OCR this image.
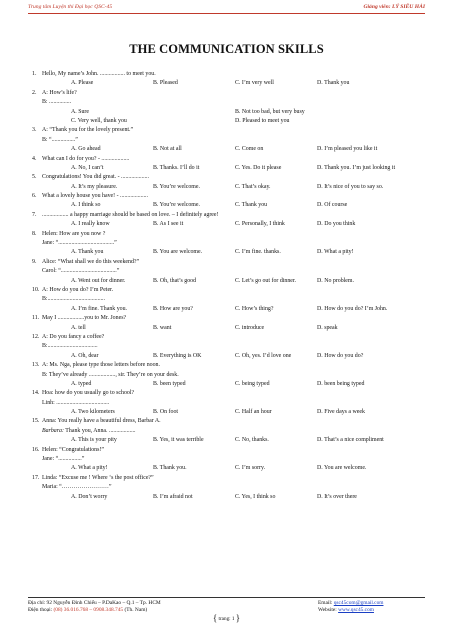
Trung tâm Luyện thi Đại học QSC-45	Giảng viên: LÝ SIÊU HẢI
THE COMMUNICATION SKILLS
1. Hello, My name’s John. ................. to meet you.
A. Please	B. Pleased	C. I’m very well	D. Thank you
2. A: How’s life?
B: ...............
A. Sure	B. Not too bad, but very busy
C. Very well, thank you	D. Pleased to meet you
3. A: “Thank you for the lovely present.”
B: “................”
A. Go ahead	B. Not at all	C. Come on	D. I’m pleased you like it
4. What can I do for you? - ...................
A. No, I can’t	B. Thanks. I’ll do it	C. Yes. Do it please	D. Thank you. I’m just looking it
5. Congratulations! You did great. - ...................
A. It’s my pleasure.	B. You’re welcome.	C. That’s okay.	D. It’s nice of you to say so.
6. What a lovely house you have! - ...................
A. I think so	B. You’re welcome.	C. Thank you	D. Of course
7. .................. a happy marriage should be based on love. – I definitely agree!
A. I really know	B. As I see it	C. Personally, I think	D. Do you think
8. Helen: How are you now ?
Jane: “......................................”
A. Thank you	B. You are welcome.	C. I’m fine. thanks.	D. What a pity!
9. Alice: “What shall we do this weekend?”
Carol: “......................................”
A. Went out for dinner.	B. Oh, that’s good	C. Let’s go out for dinner.	D. No problem.
10. A: How do you do? I’m Peter.
B:.......................................
A. I’m fine. Thank you.	B. How are you?	C. How’s thing?	D. How do you do? I’m John.
11. May I ..................you to Mr. Jones?
A. tell	B. want	C. introduce	D. speak
12. A: Do you fancy a coffee?
B:..................................
A. Oh, dear	B. Everything is OK	C. Oh, yes. I’d love one	D. How do you do?
13. A: Ms. Nga, please type those letters before noon.
B: They’ve already .................., sir. They’re on your desk.
A. typed	B. been typed	C. being typed	D. been being typed
14. Hoa: how do you usually go to school?
Linh: ....................................
A. Two kilometers	B. On foot	C. Half an hour	D. Five days a week
15. Anna: You really have a beautiful dress, Barbar A.
Barbara: Thank you, Anna. ..................
A. This is your pity	B. Yes, it was terrible	C. No, thanks.	D. That’s a nice compliment
16. Helen: “Congratulations!”
Jane: “................”
A. What a pity!	B. Thank you.	C. I’m sorry.	D. You are welcome.
17. Linda: “Excuse me ! Where ‘s the post office?”
Maria: “……………………”
A. Don’t worry	B. I’m afraid not	C. Yes, I think so	D. It’s over there
Địa chỉ: 92 Nguyễn Đình Chiểu – P.DaKao – Q.1 – Tp. HCM
Điện thoại: (08) 36.016.768 – 0908.348.745 (Th. Nam)
Email: qsc45com@gmail.com
Website: www.qsc45.com
{ trang: 1 }
